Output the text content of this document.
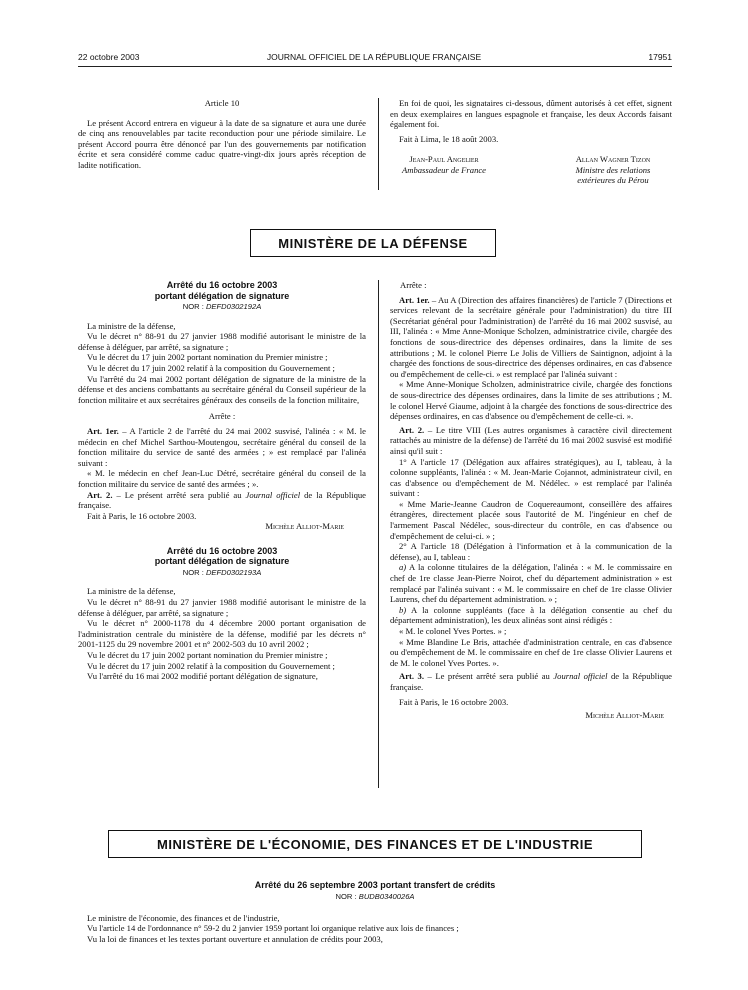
22 octobre 2003	JOURNAL OFFICIEL DE LA RÉPUBLIQUE FRANÇAISE	17951

Article 10

Le présent Accord entrera en vigueur à la date de sa signature et aura une durée de cinq ans renouvelables par tacite reconduction pour une période similaire. Le présent Accord pourra être dénoncé par l'un des gouvernements par notification écrite et sera considéré comme caduc quatre-vingt-dix jours après réception de ladite notification.

En foi de quoi, les signataires ci-dessous, dûment autorisés à cet effet, signent en deux exemplaires en langues espagnole et française, les deux Accords faisant également foi.

Fait à Lima, le 18 août 2003.

Jean-Paul Angelier
Ambassadeur de France
Allan Wagner Tizon
Ministre des relations
extérieures du Pérou
MINISTÈRE DE LA DÉFENSE
Arrêté du 16 octobre 2003
portant délégation de signature
NOR : DEFD0302192A

La ministre de la défense,

Vu le décret n° 88-91 du 27 janvier 1988 modifié autorisant le ministre de la défense à déléguer, par arrêté, sa signature ;

Vu le décret du 17 juin 2002 portant nomination du Premier ministre ;

Vu le décret du 17 juin 2002 relatif à la composition du Gouvernement ;

Vu l'arrêté du 24 mai 2002 portant délégation de signature de la ministre de la défense et des anciens combattants au secrétaire général du Conseil supérieur de la fonction militaire et aux secrétaires généraux des conseils de la fonction militaire,

Arrête :

Art. 1er. – A l'article 2 de l'arrêté du 24 mai 2002 susvisé, l'alinéa : « M. le médecin en chef Michel Sarthou-Moutengou, secrétaire général du conseil de la fonction militaire du service de santé des armées ; » est remplacé par l'alinéa suivant :

« M. le médecin en chef Jean-Luc Détré, secrétaire général du conseil de la fonction militaire du service de santé des armées ; ».

Art. 2. – Le présent arrêté sera publié au Journal officiel de la République française.

Fait à Paris, le 16 octobre 2003.

Michèle Alliot-Marie

Arrêté du 16 octobre 2003
portant délégation de signature
NOR : DEFD0302193A

La ministre de la défense,

Vu le décret n° 88-91 du 27 janvier 1988 modifié autorisant le ministre de la défense à déléguer, par arrêté, sa signature ;

Vu le décret n° 2000-1178 du 4 décembre 2000 portant organisation de l'administration centrale du ministère de la défense, modifié par les décrets n° 2001-1125 du 29 novembre 2001 et n° 2002-503 du 10 avril 2002 ;

Vu le décret du 17 juin 2002 portant nomination du Premier ministre ;

Vu le décret du 17 juin 2002 relatif à la composition du Gouvernement ;

Vu l'arrêté du 16 mai 2002 modifié portant délégation de signature,

Arrête :

Art. 1er. – Au A (Direction des affaires financières) de l'article 7 (Directions et services relevant de la secrétaire générale pour l'administration) du titre III (Secrétariat général pour l'administration) de l'arrêté du 16 mai 2002 susvisé, au III, l'alinéa : « Mme Anne-Monique Scholzen, administratrice civile, chargée des fonctions de sous-directrice des dépenses ordinaires, dans la limite de ses attributions ; M. le colonel Pierre Le Jolis de Villiers de Saintignon, adjoint à la chargée des fonctions de sous-directrice des dépenses ordinaires, en cas d'absence ou d'empêchement de celle-ci. » est remplacé par l'alinéa suivant :

« Mme Anne-Monique Scholzen, administratrice civile, chargée des fonctions de sous-directrice des dépenses ordinaires, dans la limite de ses attributions ; M. le colonel Hervé Giaume, adjoint à la chargée des fonctions de sous-directrice des dépenses ordinaires, en cas d'absence ou d'empêchement de celle-ci. ».

Art. 2. – Le titre VIII (Les autres organismes à caractère civil directement rattachés au ministre de la défense) de l'arrêté du 16 mai 2002 susvisé est modifié ainsi qu'il suit :

1° A l'article 17 (Délégation aux affaires stratégiques), au I, tableau, à la colonne suppléants, l'alinéa : « M. Jean-Marie Cojannot, administrateur civil, en cas d'absence ou d'empêchement de M. Nédélec. » est remplacé par l'alinéa suivant :

« Mme Marie-Jeanne Caudron de Coquereaumont, conseillère des affaires étrangères, directement placée sous l'autorité de M. l'ingénieur en chef de l'armement Pascal Nédélec, sous-directeur du contrôle, en cas d'absence ou d'empêchement de celui-ci. » ;

2° A l'article 18 (Délégation à l'information et à la communication de la défense), au I, tableau :

a) A la colonne titulaires de la délégation, l'alinéa : « M. le commissaire en chef de 1re classe Jean-Pierre Noirot, chef du département administration » est remplacé par l'alinéa suivant : « M. le commissaire en chef de 1re classe Olivier Laurens, chef du département administration. » ;

b) A la colonne suppléants (face à la délégation consentie au chef du département administration), les deux alinéas sont ainsi rédigés :

« M. le colonel Yves Portes. » ;

« Mme Blandine Le Bris, attachée d'administration centrale, en cas d'absence ou d'empêchement de M. le commissaire en chef de 1re classe Olivier Laurens et de M. le colonel Yves Portes. ».

Art. 3. – Le présent arrêté sera publié au Journal officiel de la République française.

Fait à Paris, le 16 octobre 2003.

Michèle Alliot-Marie

MINISTÈRE DE L'ÉCONOMIE, DES FINANCES ET DE L'INDUSTRIE
Arrêté du 26 septembre 2003 portant transfert de crédits
NOR : BUDB0340026A

Le ministre de l'économie, des finances et de l'industrie,

Vu l'article 14 de l'ordonnance n° 59-2 du 2 janvier 1959 portant loi organique relative aux lois de finances ;

Vu la loi de finances et les textes portant ouverture et annulation de crédits pour 2003,
